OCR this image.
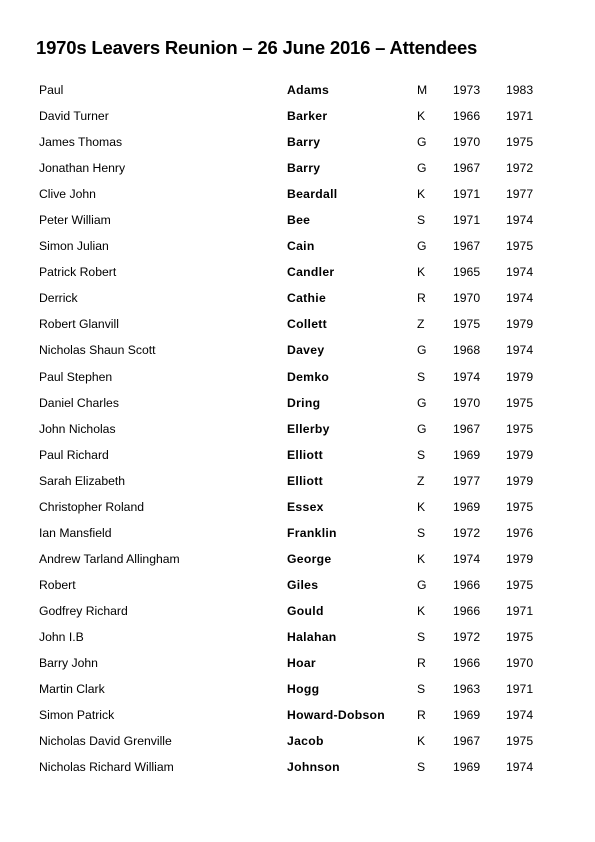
1970s Leavers Reunion – 26 June 2016 – Attendees
Paul	Adams	M 1973 1983
David Turner	Barker	K 1966 1971
James Thomas	Barry	G 1970 1975
Jonathan Henry	Barry	G 1967 1972
Clive John	Beardall	K 1971 1977
Peter William	Bee	S 1971 1974
Simon Julian	Cain	G 1967 1975
Patrick Robert	Candler	K 1965 1974
Derrick	Cathie	R 1970 1974
Robert Glanvill	Collett	Z 1975 1979
Nicholas Shaun Scott	Davey	G 1968 1974
Paul Stephen	Demko	S 1974 1979
Daniel Charles	Dring	G 1970 1975
John Nicholas	Ellerby	G 1967 1975
Paul Richard	Elliott	S 1969 1979
Sarah Elizabeth	Elliott	Z 1977 1979
Christopher Roland	Essex	K 1969 1975
Ian Mansfield	Franklin	S 1972 1976
Andrew Tarland Allingham	George	K 1974 1979
Robert	Giles	G 1966 1975
Godfrey Richard	Gould	K 1966 1971
John I.B	Halahan	S 1972 1975
Barry John	Hoar	R 1966 1970
Martin Clark	Hogg	S 1963 1971
Simon Patrick	Howard-Dobson	R 1969 1974
Nicholas David Grenville	Jacob	K 1967 1975
Nicholas Richard William	Johnson	S 1969 1974
